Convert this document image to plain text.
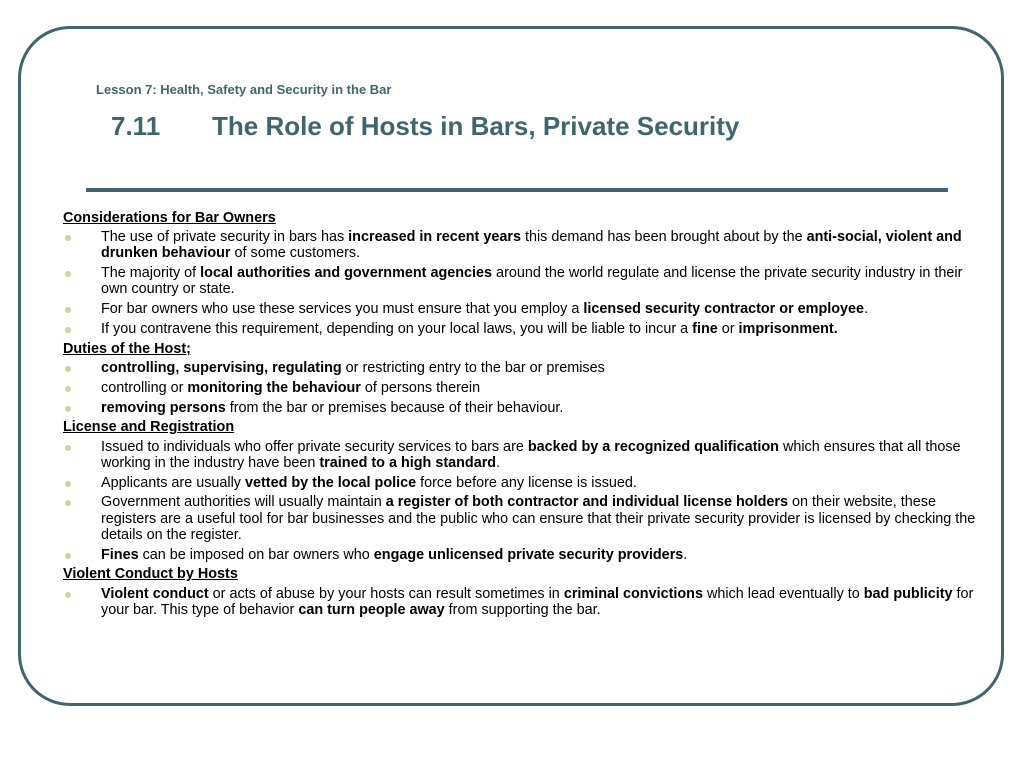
Lesson 7: Health, Safety and Security in the Bar
7.11 The Role of Hosts in Bars, Private Security
Considerations for Bar Owners
The use of private security in bars has increased in recent years this demand has been brought about by the anti-social, violent and drunken behaviour of some customers.
The majority of local authorities and government agencies around the world regulate and license the private security industry in their own country or state.
For bar owners who use these services you must ensure that you employ a licensed security contractor or employee.
If you contravene this requirement, depending on your local laws, you will be liable to incur a fine or imprisonment.
Duties of the Host;
controlling, supervising, regulating or restricting entry to the bar or premises
controlling or monitoring the behaviour of persons therein
removing persons from the bar or premises because of their behaviour.
License and Registration
Issued to individuals who offer private security services to bars are backed by a recognized qualification which ensures that all those working in the industry have been trained to a high standard.
Applicants are usually vetted by the local police force before any license is issued.
Government authorities will usually maintain a register of both contractor and individual license holders on their website, these registers are a useful tool for bar businesses and the public who can ensure that their private security provider is licensed by checking the details on the register.
Fines can be imposed on bar owners who engage unlicensed private security providers.
Violent Conduct by Hosts
Violent conduct or acts of abuse by your hosts can result sometimes in criminal convictions which lead eventually to bad publicity for your bar. This type of behavior can turn people away from supporting the bar.
